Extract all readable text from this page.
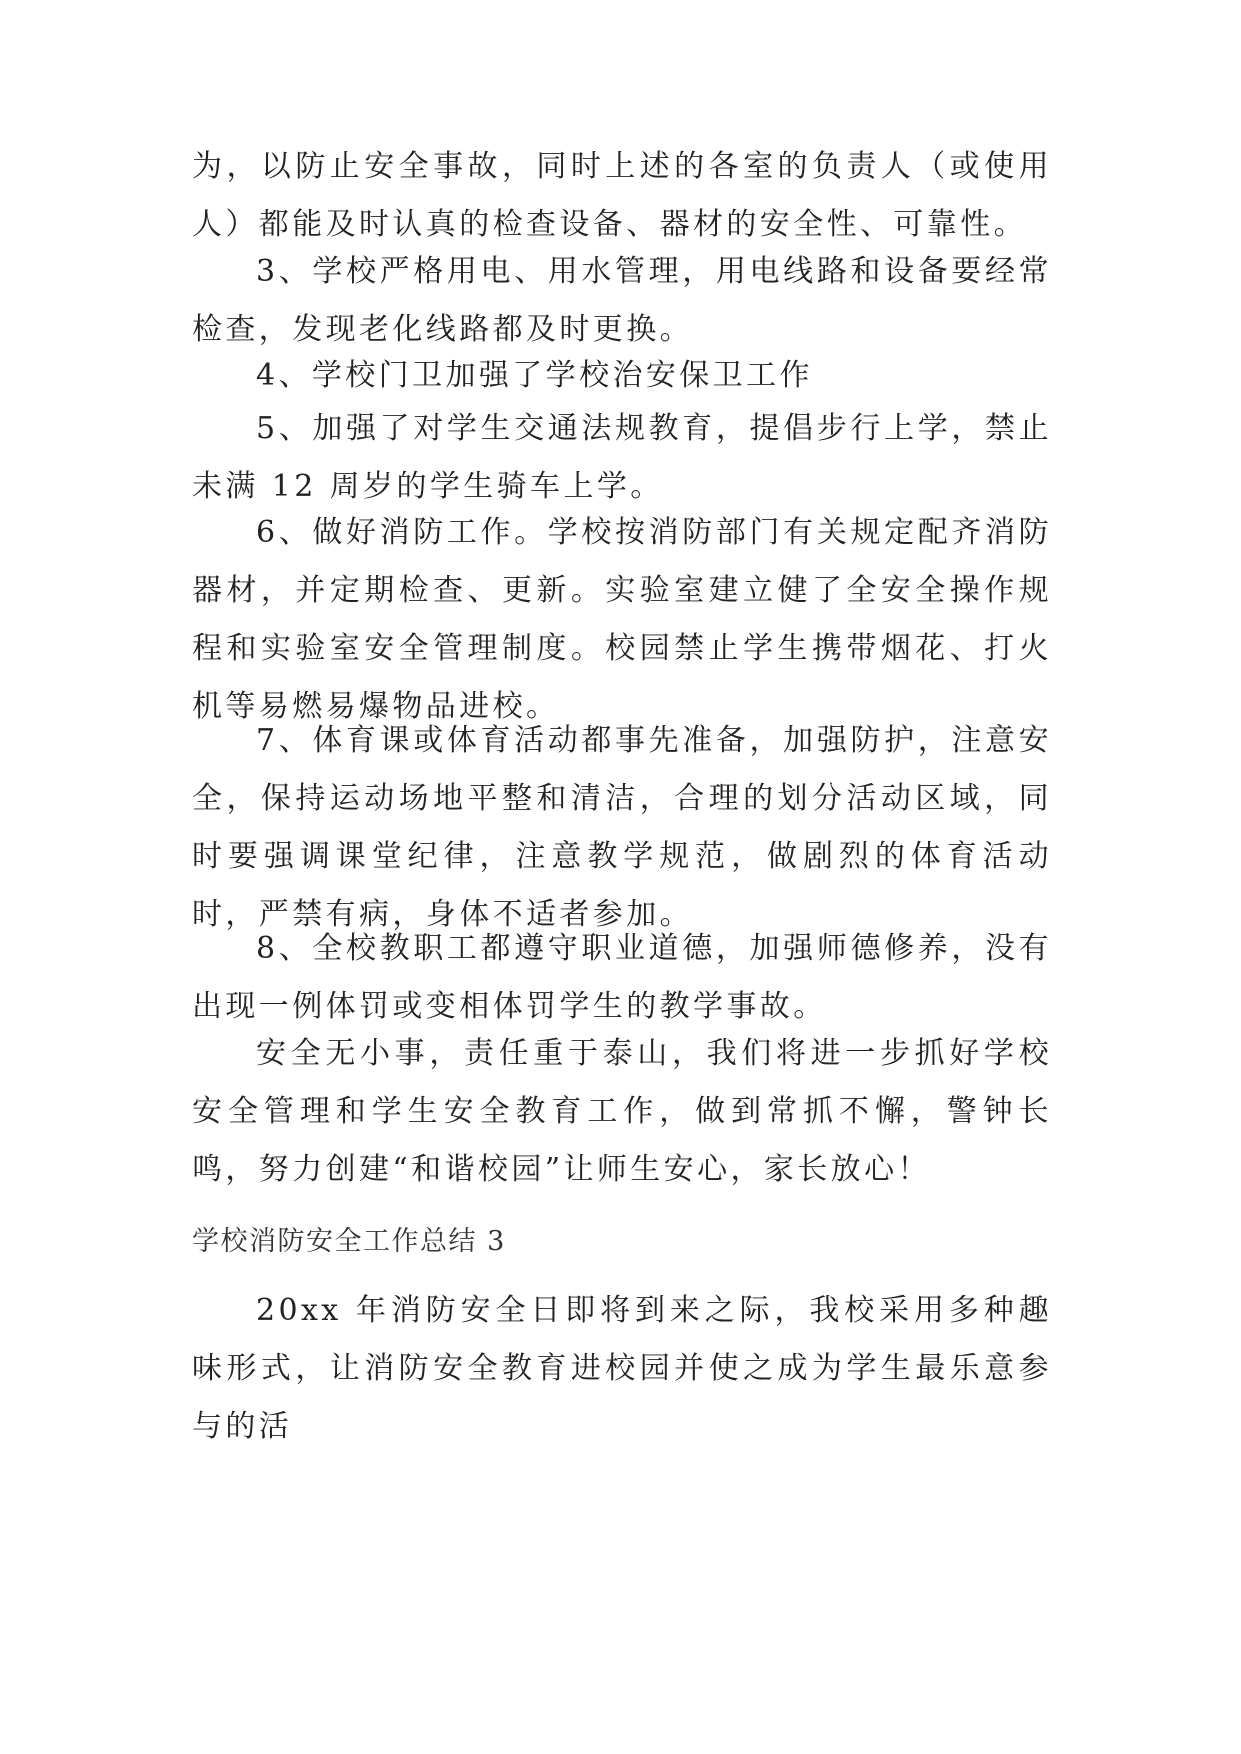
为，以防止安全事故，同时上述的各室的负责人（或使用人）都能及时认真的检查设备、器材的安全性、可靠性。

3、学校严格用电、用水管理，用电线路和设备要经常检查，发现老化线路都及时更换。

4、学校门卫加强了学校治安保卫工作

5、加强了对学生交通法规教育，提倡步行上学，禁止未满 12 周岁的学生骑车上学。

6、做好消防工作。学校按消防部门有关规定配齐消防器材，并定期检查、更新。实验室建立健了全安全操作规程和实验室安全管理制度。校园禁止学生携带烟花、打火机等易燃易爆物品进校。

7、体育课或体育活动都事先准备，加强防护，注意安全，保持运动场地平整和清洁，合理的划分活动区域，同时要强调课堂纪律，注意教学规范，做剧烈的体育活动时，严禁有病，身体不适者参加。

8、全校教职工都遵守职业道德，加强师德修养，没有出现一例体罚或变相体罚学生的教学事故。

安全无小事，责任重于泰山，我们将进一步抓好学校安全管理和学生安全教育工作，做到常抓不懈，警钟长鸣，努力创建“和谐校园”让师生安心，家长放心！

学校消防安全工作总结 3

20xx 年消防安全日即将到来之际，我校采用多种趣味形式，让消防安全教育进校园并使之成为学生最乐意参与的活
